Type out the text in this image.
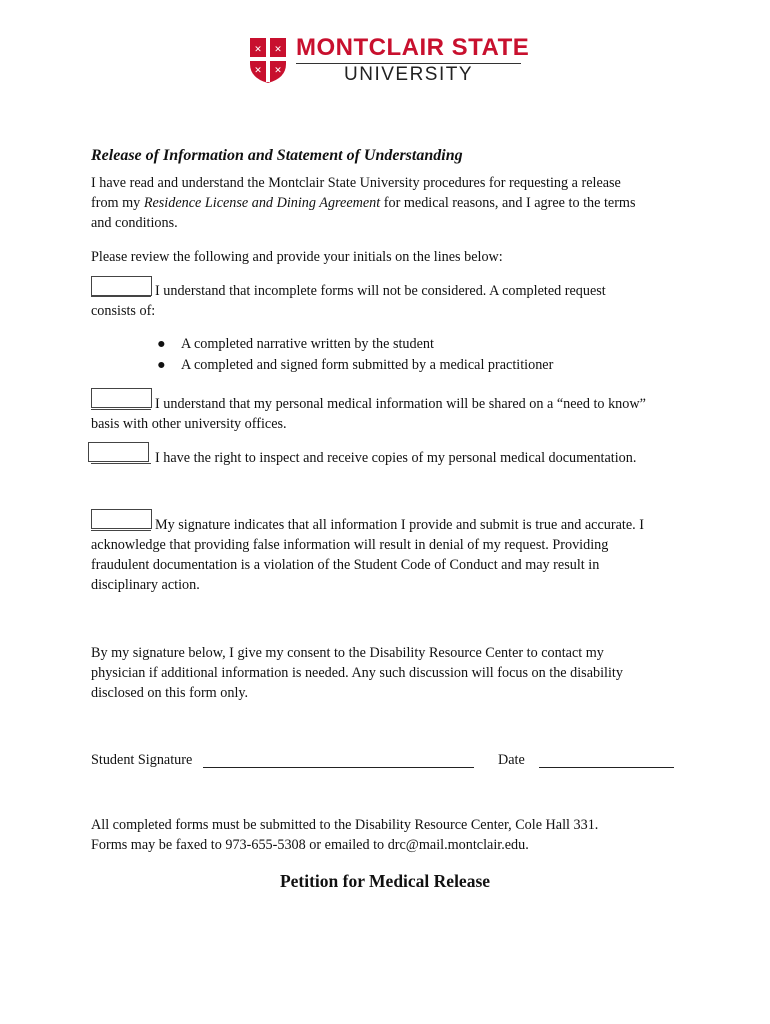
✕ ✕
✕ ✕
MONTCLAIR STATE
UNIVERSITY
Release of Information and Statement of Understanding
I have read and understand the Montclair State University procedures for requesting a release
from my Residence License and Dining Agreement for medical reasons, and I agree to the terms
and conditions.
Please review the following and provide your initials on the lines below:
I understand that incomplete forms will not be considered. A completed request
consists of:
● A completed narrative written by the student
● A completed and signed form submitted by a medical practitioner
I understand that my personal medical information will be shared on a “need to know”
basis with other university offices.
I have the right to inspect and receive copies of my personal medical documentation.
My signature indicates that all information I provide and submit is true and accurate. I
acknowledge that providing false information will result in denial of my request. Providing
fraudulent documentation is a violation of the Student Code of Conduct and may result in
disciplinary action.
By my signature below, I give my consent to the Disability Resource Center to contact my
physician if additional information is needed. Any such discussion will focus on the disability
disclosed on this form only.
Student Signature	Date
All completed forms must be submitted to the Disability Resource Center, Cole Hall 331.
Forms may be faxed to 973-655-5308 or emailed to drc@mail.montclair.edu.
Petition for Medical Release
